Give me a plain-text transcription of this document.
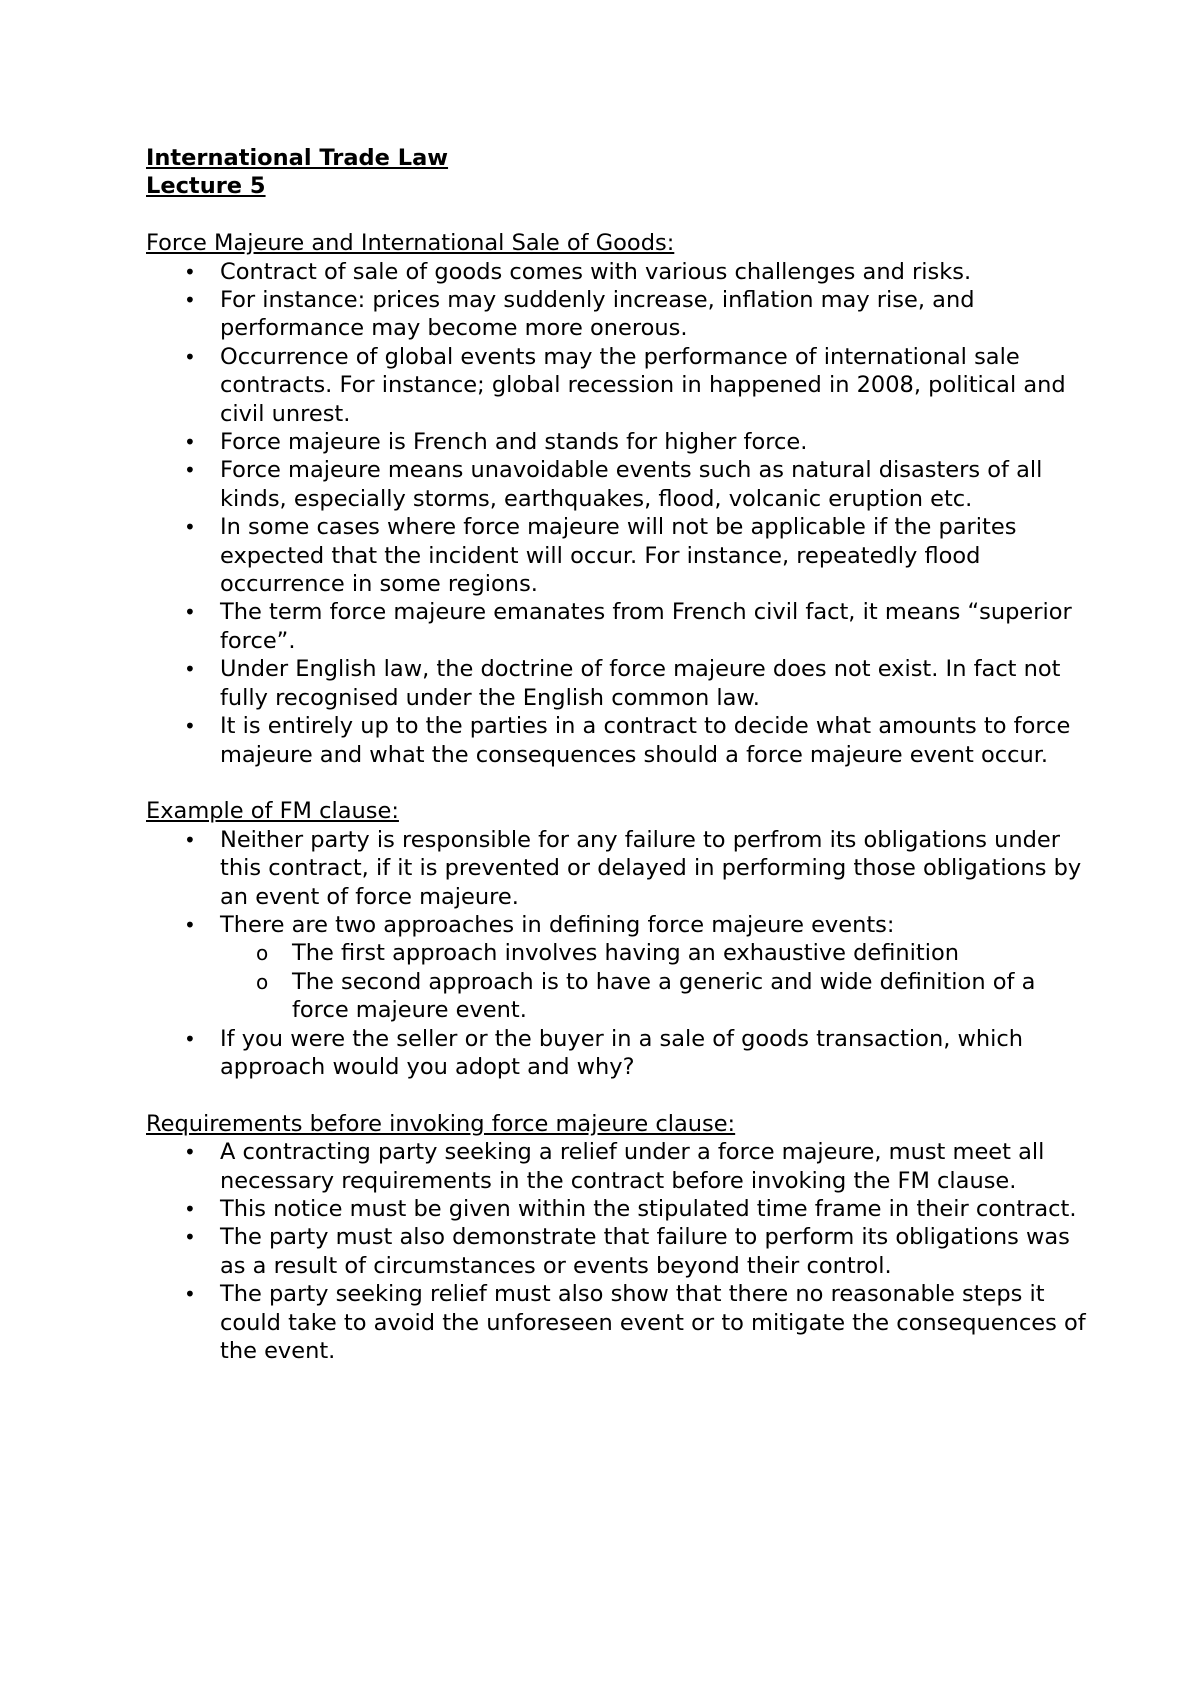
International Trade Law

Lecture 5

Force Majeure and International Sale of Goods:

• Contract of sale of goods comes with various challenges and risks.
• For instance: prices may suddenly increase, inflation may rise, and performance may become more onerous.
• Occurrence of global events may the performance of international sale contracts. For instance; global recession in happened in 2008, political and civil unrest.
• Force majeure is French and stands for higher force.
• Force majeure means unavoidable events such as natural disasters of all kinds, especially storms, earthquakes, flood, volcanic eruption etc.
• In some cases where force majeure will not be applicable if the parites expected that the incident will occur. For instance, repeatedly flood occurrence in some regions.
• The term force majeure emanates from French civil fact, it means “superior force”.
• Under English law, the doctrine of force majeure does not exist. In fact not fully recognised under the English common law.
• It is entirely up to the parties in a contract to decide what amounts to force majeure and what the consequences should a force majeure event occur.

Example of FM clause:

• Neither party is responsible for any failure to perfrom its obligations under this contract, if it is prevented or delayed in performing those obligations by an event of force majeure.
• There are two approaches in defining force majeure events:
o The first approach involves having an exhaustive definition
o The second approach is to have a generic and wide definition of a force majeure event.
• If you were the seller or the buyer in a sale of goods transaction, which approach would you adopt and why?

Requirements before invoking force majeure clause:

• A contracting party seeking a relief under a force majeure, must meet all necessary requirements in the contract before invoking the FM clause.
• This notice must be given within the stipulated time frame in their contract.
• The party must also demonstrate that failure to perform its obligations was as a result of circumstances or events beyond their control.
• The party seeking relief must also show that there no reasonable steps it could take to avoid the unforeseen event or to mitigate the consequences of the event.
